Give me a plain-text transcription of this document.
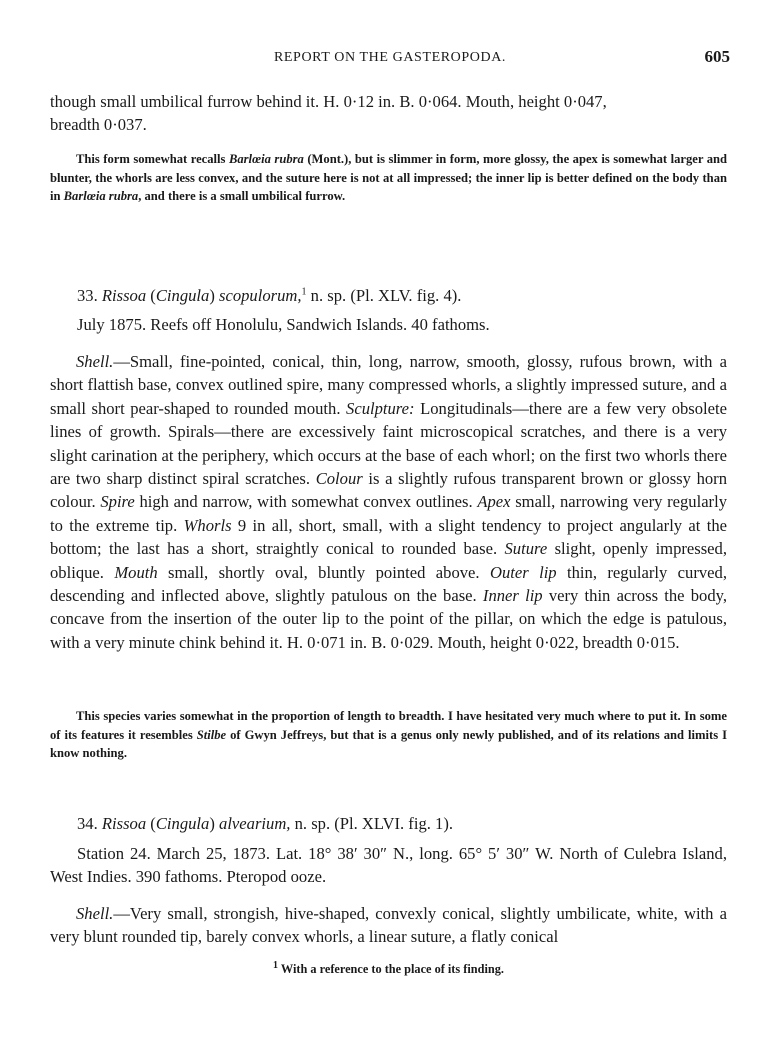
REPORT ON THE GASTEROPODA.	605

though small umbilical furrow behind it. H. 0·12 in. B. 0·064. Mouth, height 0·047,
breadth 0·037.

This form somewhat recalls Barlœia rubra (Mont.), but is slimmer in form, more glossy, the apex is somewhat larger and blunter, the whorls are less convex, and the suture here is not at all impressed; the inner lip is better defined on the body than in Barlœia rubra, and there is a small umbilical furrow.

33. Rissoa (Cingula) scopulorum,$^1$ n. sp. (Pl. XLV. fig. 4).

July 1875. Reefs off Honolulu, Sandwich Islands. 40 fathoms.

Shell.—Small, fine-pointed, conical, thin, long, narrow, smooth, glossy, rufous brown, with a short flattish base, convex outlined spire, many compressed whorls, a slightly impressed suture, and a small short pear-shaped to rounded mouth. Sculpture: Longitudinals—there are a few very obsolete lines of growth. Spirals—there are excessively faint microscopical scratches, and there is a very slight carination at the periphery, which occurs at the base of each whorl; on the first two whorls there are two sharp distinct spiral scratches. Colour is a slightly rufous transparent brown or glossy horn colour. Spire high and narrow, with somewhat convex outlines. Apex small, narrowing very regularly to the extreme tip. Whorls 9 in all, short, small, with a slight tendency to project angularly at the bottom; the last has a short, straightly conical to rounded base. Suture slight, openly impressed, oblique. Mouth small, shortly oval, bluntly pointed above. Outer lip thin, regularly curved, descending and inflected above, slightly patulous on the base. Inner lip very thin across the body, concave from the insertion of the outer lip to the point of the pillar, on which the edge is patulous, with a very minute chink behind it. H. 0·071 in. B. 0·029. Mouth, height 0·022, breadth 0·015.

This species varies somewhat in the proportion of length to breadth. I have hesitated very much where to put it. In some of its features it resembles Stilbe of Gwyn Jeffreys, but that is a genus only newly published, and of its relations and limits I know nothing.

34. Rissoa (Cingula) alvearium, n. sp. (Pl. XLVI. fig. 1).

Station 24. March 25, 1873. Lat. 18° 38′ 30″ N., long. 65° 5′ 30″ W. North of Culebra Island, West Indies. 390 fathoms. Pteropod ooze.

Shell.—Very small, strongish, hive-shaped, convexly conical, slightly umbilicate, white, with a very blunt rounded tip, barely convex whorls, a linear suture, a flatly conical

$^1$ With a reference to the place of its finding.
